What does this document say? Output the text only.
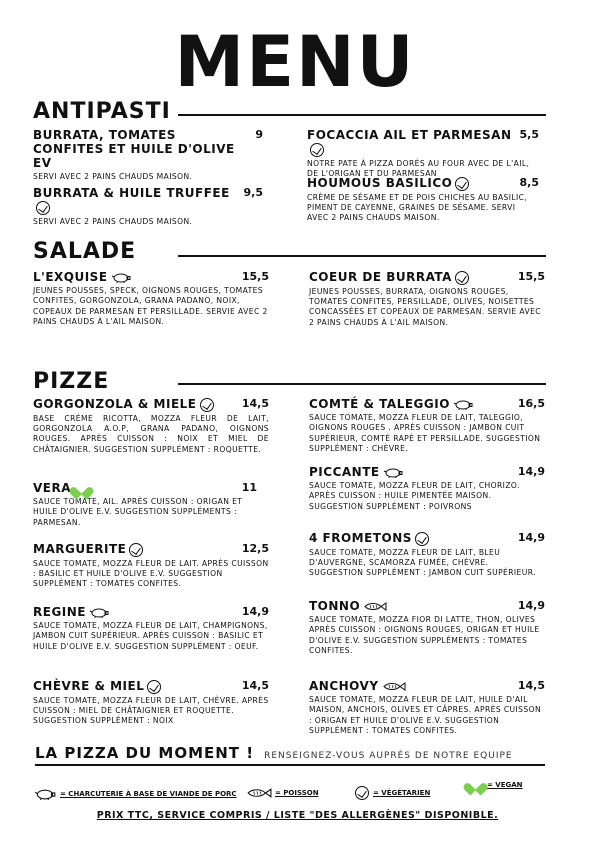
MENU
ANTIPASTI
BURRATA, TOMATES CONFITES ET HUILE D'OLIVE EV
9
SERVI AVEC 2 PAINS CHAUDS MAISON.
BURRATA & HUILE TRUFFEE	9,5
SERVI AVEC 2 PAINS CHAUDS MAISON.
FOCACCIA AIL ET PARMESAN 5,5
NOTRE PATE À PIZZA DORÉS AU FOUR AVEC DE L'AIL, DE L'ORIGAN ET DU PARMESAN
HOUMOUS BASILICO	8,5
CRÈME DE SÉSAME ET DE POIS CHICHES AU BASILIC, PIMENT DE CAYENNE, GRAINES DE SÉSAME. SERVI AVEC 2 PAINS CHAUDS MAISON.
SALADE
L'EXQUISE	15,5
JEUNES POUSSES, SPECK, OIGNONS ROUGES, TOMATES CONFITES, GORGONZOLA, GRANA PADANO, NOIX, COPEAUX DE PARMESAN ET PERSILLADE. SERVIE AVEC 2 PAINS CHAUDS À L'AIL MAISON.
COEUR DE BURRATA	15,5
JEUNES POUSSES, BURRATA, OIGNONS ROUGES, TOMATES CONFITES, PERSILLADE, OLIVES, NOISETTES CONCASSÉES ET COPEAUX DE PARMESAN. SERVIE AVEC 2 PAINS CHAUDS À L'AIL MAISON.
PIZZE
GORGONZOLA & MIELE	14,5
BASE CRÈME RICOTTA, MOZZA FLEUR DE LAIT, GORGONZOLA A.O.P, GRANA PADANO, OIGNONS ROUGES. APRÈS CUISSON : NOIX ET MIEL DE CHÂTAIGNIER. SUGGESTION SUPPLÉMENT : ROQUETTE.
VERA	11
SAUCE TOMATE, AIL. APRÈS CUISSON : ORIGAN ET HUILE D'OLIVE E.V. SUGGESTION SUPPLÉMENTS : PARMESAN.
MARGUERITE	12,5
SAUCE TOMATE, MOZZA FLEUR DE LAIT. APRÈS CUISSON : BASILIC ET HUILE D'OLIVE E.V. SUGGESTION SUPPLÉMENT : TOMATES CONFITES.
REGINE	14,9
SAUCE TOMATE, MOZZA FLEUR DE LAIT, CHAMPIGNONS, JAMBON CUIT SUPÉRIEUR. APRÈS CUISSON : BASILIC ET HUILE D'OLIVE E.V. SUGGESTION SUPPLÉMENT : OEUF.
CHÈVRE & MIEL	14,5
SAUCE TOMATE, MOZZA FLEUR DE LAIT, CHÈVRE. APRÈS CUISSON : MIEL DE CHÂTAIGNIER ET ROQUETTE. SUGGESTION SUPPLÉMENT : NOIX
COMTÉ & TALEGGIO	16,5
SAUCE TOMATE, MOZZA FLEUR DE LAIT, TALEGGIO, OIGNONS ROUGES . APRÈS CUISSON : JAMBON CUIT SUPÉRIEUR, COMTÉ RAPÉ ET PERSILLADE. SUGGESTION SUPPLÉMENT : CHÈVRE.
PICCANTE	14,9
SAUCE TOMATE, MOZZA FLEUR DE LAIT, CHORIZO. APRÈS CUISSON : HUILE PIMENTÉE MAISON. SUGGESTION SUPPLÉMENT : POIVRONS
4 FROMETONS	14,9
SAUCE TOMATE, MOZZA FLEUR DE LAIT, BLEU D'AUVERGNE, SCAMORZA FUMÉE, CHÈVRE. SUGGESTION SUPPLÉMENT : JAMBON CUIT SUPÉRIEUR.
TONNO	14,9
SAUCE TOMATE, MOZZA FIOR DI LATTE, THON, OLIVES APRÈS CUISSON : OIGNONS ROUGES, ORIGAN ET HUILE D'OLIVE E.V. SUGGESTION SUPPLÉMENTS : TOMATES CONFITES.
ANCHOVY	14,5
SAUCE TOMATE, MOZZA FLEUR DE LAIT, HUILE D'AIL MAISON, ANCHOIS, OLIVES ET CÂPRES. APRÈS CUISSON : ORIGAN ET HUILE D'OLIVE E.V. SUGGESTION SUPPLÉMENT : TOMATES CONFITES.
LA PIZZA DU MOMENT ! RENSEIGNEZ-VOUS AUPRÈS DE NOTRE EQUIPE
= CHARCUTERIE À BASE DE VIANDE DE PORC	= POISSON	= VÉGÉTARIEN
= VEGAN
PRIX TTC, SERVICE COMPRIS / LISTE "DES ALLERGÈNES" DISPONIBLE.
